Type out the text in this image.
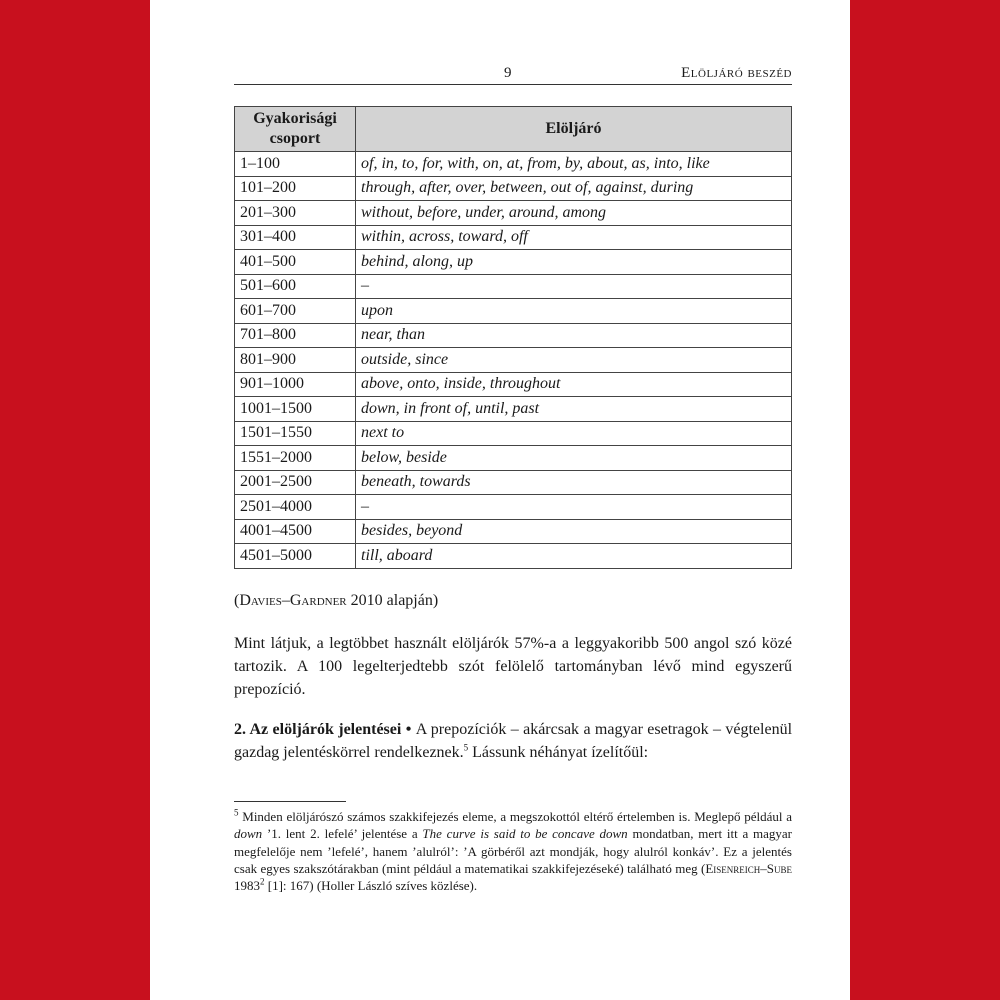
9	Elöljáró beszéd
Gyakorisági csoport	Elöljáró
1–100	of, in, to, for, with, on, at, from, by, about, as, into, like
101–200	through, after, over, between, out of, against, during
201–300	without, before, under, around, among
301–400	within, across, toward, off
401–500	behind, along, up
501–600	–
601–700	upon
701–800	near, than
801–900	outside, since
901–1000	above, onto, inside, throughout
1001–1500	down, in front of, until, past
1501–1550	next to
1551–2000	below, beside
2001–2500	beneath, towards
2501–4000	–
4001–4500	besides, beyond
4501–5000	till, aboard
(Davies–Gardner 2010 alapján)

Mint látjuk, a legtöbbet használt elöljárók 57%-a a leggyakoribb 500 angol szó közé tartozik. A 100 legelterjedtebb szót felölelő tartományban lévő mind egyszerű prepozíció.

2. Az elöljárók jelentései • A prepozíciók – akárcsak a magyar esetragok – végtelenül gazdag jelentéskörrel rendelkeznek.$^5$ Lássunk néhányat ízelítőül:

$^5$ Minden elöljárószó számos szakkifejezés eleme, a megszokottól eltérő értelemben is. Meglepő például a down ’1. lent 2. lefelé’ jelentése a The curve is said to be concave down mondatban, mert itt a magyar megfelelője nem ’lefelé’, hanem ’alulról’: ’A görbéről azt mondják, hogy alulról konkáv’. Ez a jelentés csak egyes szakszótárakban (mint például a matematikai szakkifejezéseké) található meg (Eisenreich–Sube 1983$^2$ [1]: 167) (Holler László szíves közlése).
